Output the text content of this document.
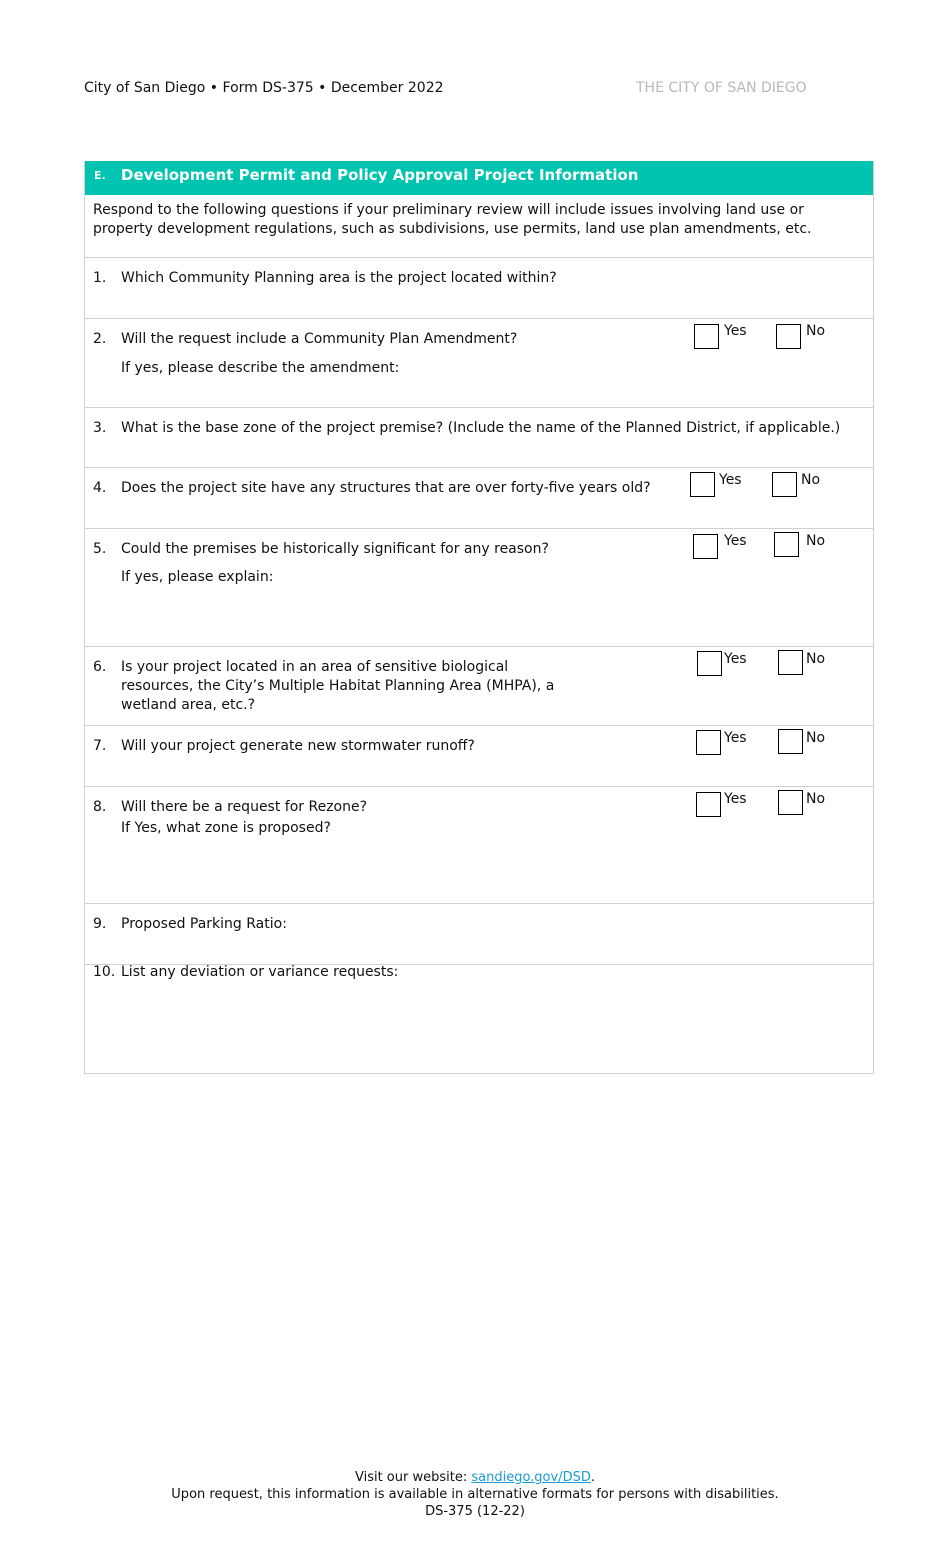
City of San Diego • Form DS-375 • December 2022	THE CITY OF SAN DIEGO
E. Development Permit and Policy Approval Project Information
Respond to the following questions if your preliminary review will include issues involving land use or property development regulations, such as subdivisions, use permits, land use plan amendments, etc.
1. Which Community Planning area is the project located within?
2. Will the request include a Community Plan Amendment?
If yes, please describe the amendment:
Yes	No
3. What is the base zone of the project premise? (Include the name of the Planned District, if applicable.)
4. Does the project site have any structures that are over forty-five years old?	Yes	No
5. Could the premises be historically significant for any reason?
If yes, please explain:
Yes	No
6. Is your project located in an area of sensitive biological resources, the City’s Multiple Habitat Planning Area (MHPA), a wetland area, etc.?
Yes	No
7. Will your project generate new stormwater runoff?	Yes	No
8. Will there be a request for Rezone?
If Yes, what zone is proposed?
Yes	No
9. Proposed Parking Ratio:
10. List any deviation or variance requests:
Visit our website: sandiego.gov/DSD.
Upon request, this information is available in alternative formats for persons with disabilities.
DS-375 (12-22)
